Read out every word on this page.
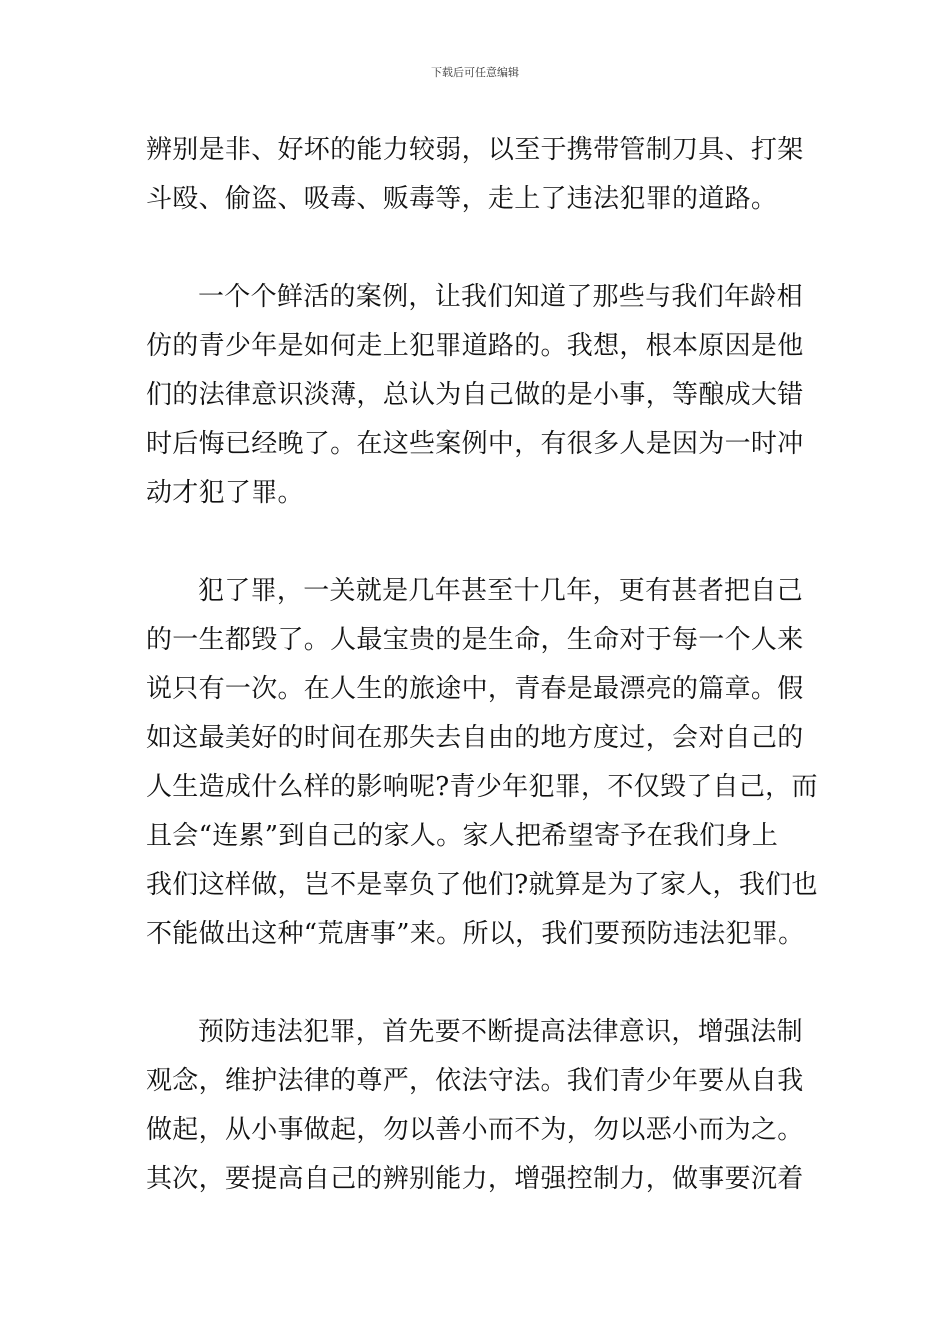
下载后可任意编辑
辨别是非、好坏的能力较弱，以至于携带管制刀具、打架
斗殴、偷盗、吸毒、贩毒等，走上了违法犯罪的道路。
一个个鲜活的案例，让我们知道了那些与我们年龄相
仿的青少年是如何走上犯罪道路的。我想，根本原因是他
们的法律意识淡薄，总认为自己做的是小事，等酿成大错
时后悔已经晚了。在这些案例中，有很多人是因为一时冲
动才犯了罪。
犯了罪，一关就是几年甚至十几年，更有甚者把自己
的一生都毁了。人最宝贵的是生命，生命对于每一个人来
说只有一次。在人生的旅途中，青春是最漂亮的篇章。假
如这最美好的时间在那失去自由的地方度过，会对自己的
人生造成什么样的影响呢?青少年犯罪，不仅毁了自己，而
且会“连累”到自己的家人。家人把希望寄予在我们身上
我们这样做，岂不是辜负了他们?就算是为了家人，我们也
不能做出这种“荒唐事”来。所以，我们要预防违法犯罪。
预防违法犯罪，首先要不断提高法律意识，增强法制
观念，维护法律的尊严，依法守法。我们青少年要从自我
做起，从小事做起，勿以善小而不为，勿以恶小而为之。
其次，要提高自己的辨别能力，增强控制力，做事要沉着
